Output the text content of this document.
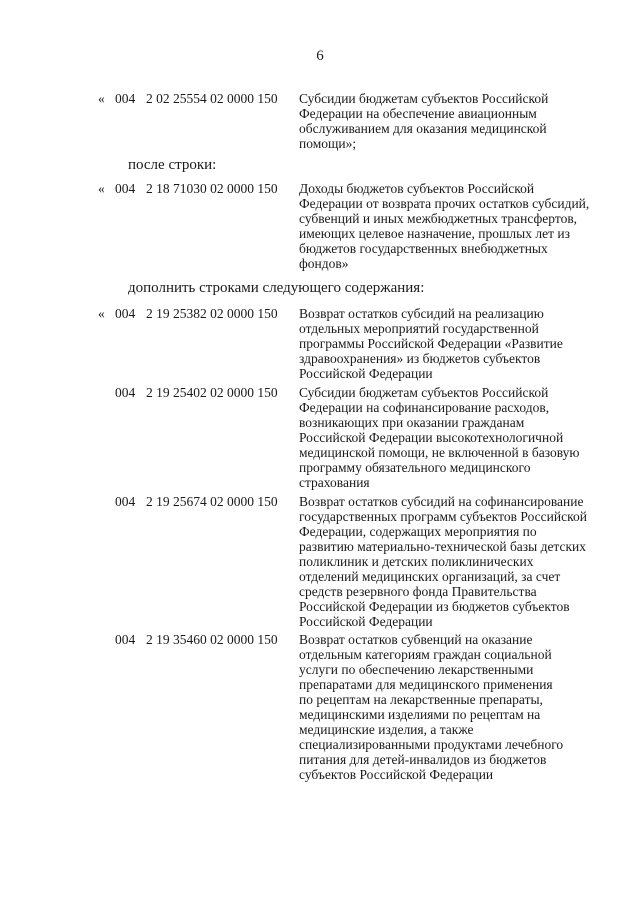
6
« 004 2 02 25554 02 0000 150 Субсидии бюджетам субъектов Российской
Федерации на обеспечение авиационным
обслуживанием для оказания медицинской
помощи»;
после строки:
« 004 2 18 71030 02 0000 150 Доходы бюджетов субъектов Российской
Федерации от возврата прочих остатков субсидий,
субвенций и иных межбюджетных трансфертов,
имеющих целевое назначение, прошлых лет из
бюджетов государственных внебюджетных
фондов»
дополнить строками следующего содержания:
« 004 2 19 25382 02 0000 150 Возврат остатков субсидий на реализацию
отдельных мероприятий государственной
программы Российской Федерации «Развитие
здравоохранения» из бюджетов субъектов
Российской Федерации
004 2 19 25402 02 0000 150 Субсидии бюджетам субъектов Российской
Федерации на софинансирование расходов,
возникающих при оказании гражданам
Российской Федерации высокотехнологичной
медицинской помощи, не включенной в базовую
программу обязательного медицинского
страхования
004 2 19 25674 02 0000 150 Возврат остатков субсидий на софинансирование
государственных программ субъектов Российской
Федерации, содержащих мероприятия по
развитию материально-технической базы детских
поликлиник и детских поликлинических
отделений медицинских организаций, за счет
средств резервного фонда Правительства
Российской Федерации из бюджетов субъектов
Российской Федерации
004 2 19 35460 02 0000 150 Возврат остатков субвенций на оказание
отдельным категориям граждан социальной
услуги по обеспечению лекарственными
препаратами для медицинского применения
по рецептам на лекарственные препараты,
медицинскими изделиями по рецептам на
медицинские изделия, а также
специализированными продуктами лечебного
питания для детей-инвалидов из бюджетов
субъектов Российской Федерации
